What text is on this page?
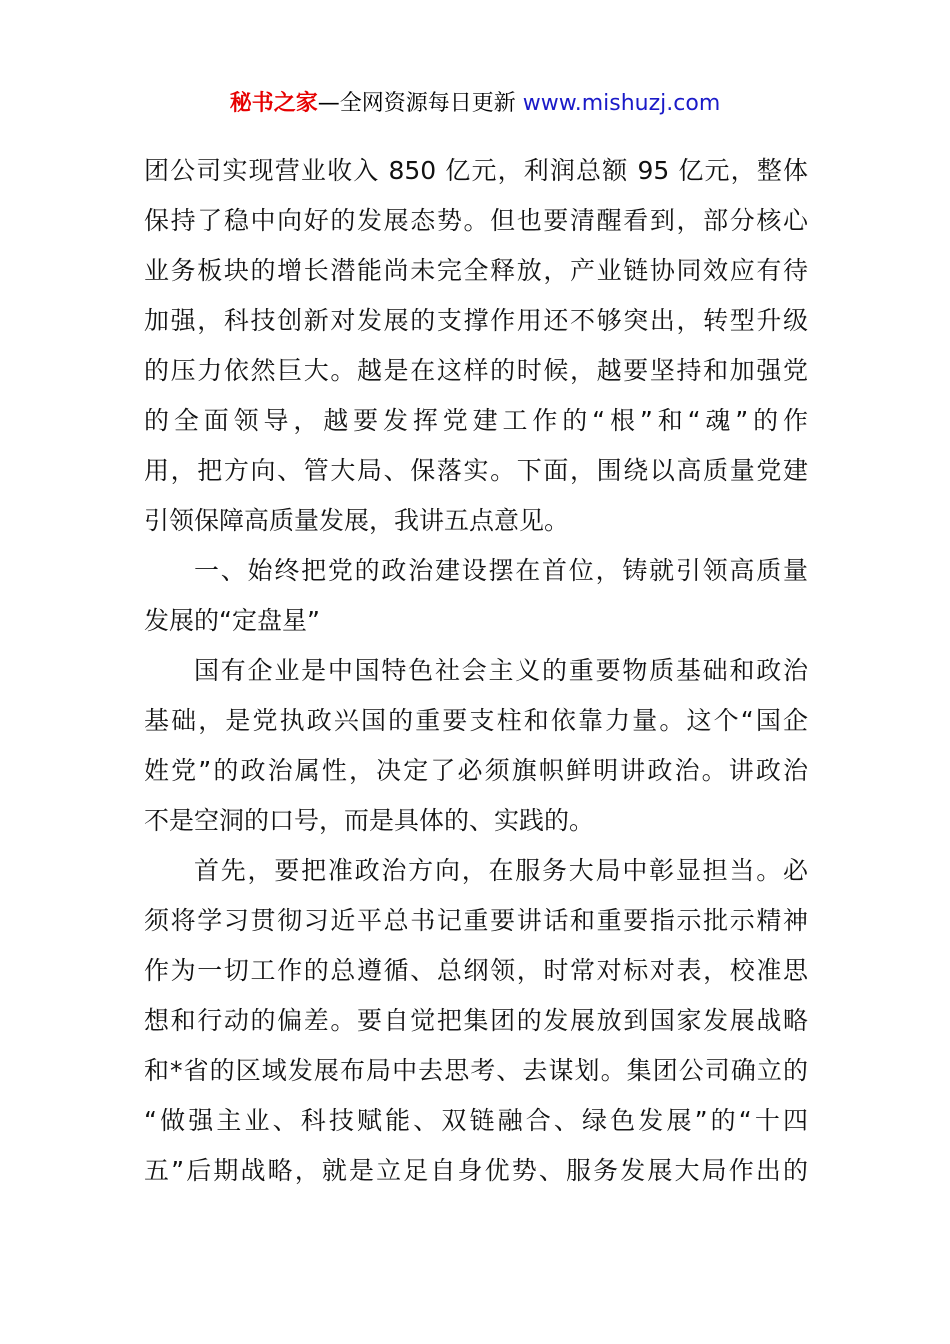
秘书之家—全网资源每日更新 www.mishuzj.com
团公司实现营业收入 850 亿元，利润总额 95 亿元，整体
保持了稳中向好的发展态势。但也要清醒看到，部分核心
业务板块的增长潜能尚未完全释放，产业链协同效应有待
加强，科技创新对发展的支撑作用还不够突出，转型升级
的压力依然巨大。越是在这样的时候，越要坚持和加强党
的全面领导，越要发挥党建工作的“根”和“魂”的作
用，把方向、管大局、保落实。下面，围绕以高质量党建
引领保障高质量发展，我讲五点意见。
一、始终把党的政治建设摆在首位，铸就引领高质量
发展的“定盘星”
国有企业是中国特色社会主义的重要物质基础和政治
基础，是党执政兴国的重要支柱和依靠力量。这个“国企
姓党”的政治属性，决定了必须旗帜鲜明讲政治。讲政治
不是空洞的口号，而是具体的、实践的。
首先，要把准政治方向，在服务大局中彰显担当。必
须将学习贯彻习近平总书记重要讲话和重要指示批示精神
作为一切工作的总遵循、总纲领，时常对标对表，校准思
想和行动的偏差。要自觉把集团的发展放到国家发展战略
和*省的区域发展布局中去思考、去谋划。集团公司确立的
“做强主业、科技赋能、双链融合、绿色发展”的“十四
五”后期战略，就是立足自身优势、服务发展大局作出的
